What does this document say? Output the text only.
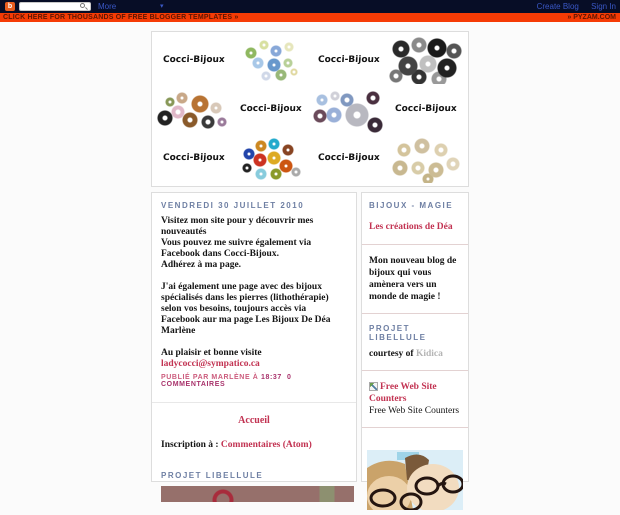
b	More	▾	Create Blog Sign In
CLICK HERE FOR THOUSANDS OF FREE BLOGGER TEMPLATES »	» PYZAM.COM
Cocci-Bijoux	Cocci-Bijoux
Cocci-Bijoux	Cocci-Bijoux
Cocci-Bijoux	Cocci-Bijoux
VENDREDI 30 JUILLET 2010

Visitez mon site pour y découvrir mes nouveautés
Vous pouvez me suivre également via Facebook dans Cocci-Bijoux.
Adhérez à ma page.

J'ai également une page avec des bijoux spécialisés dans les pierres (lithothérapie) selon vos besoins, toujours accès via Facebook aur ma page Les Bijoux De Déa Marlène

Au plaisir et bonne visite
ladycocci@sympatico.ca

PUBLIÉ PAR MARLÈNE À 18:37 0 COMMENTAIRES
Accueil
Inscription à : Commentaires (Atom)
PROJET LIBELLULE
BIJOUX - MAGIE
Les créations de Déa
Mon nouveau blog de bijoux qui vous amènera vers un monde de magie !
PROJET LIBELLULE
courtesy of Kidica
Free Web Site Counters
Free Web Site Counters
